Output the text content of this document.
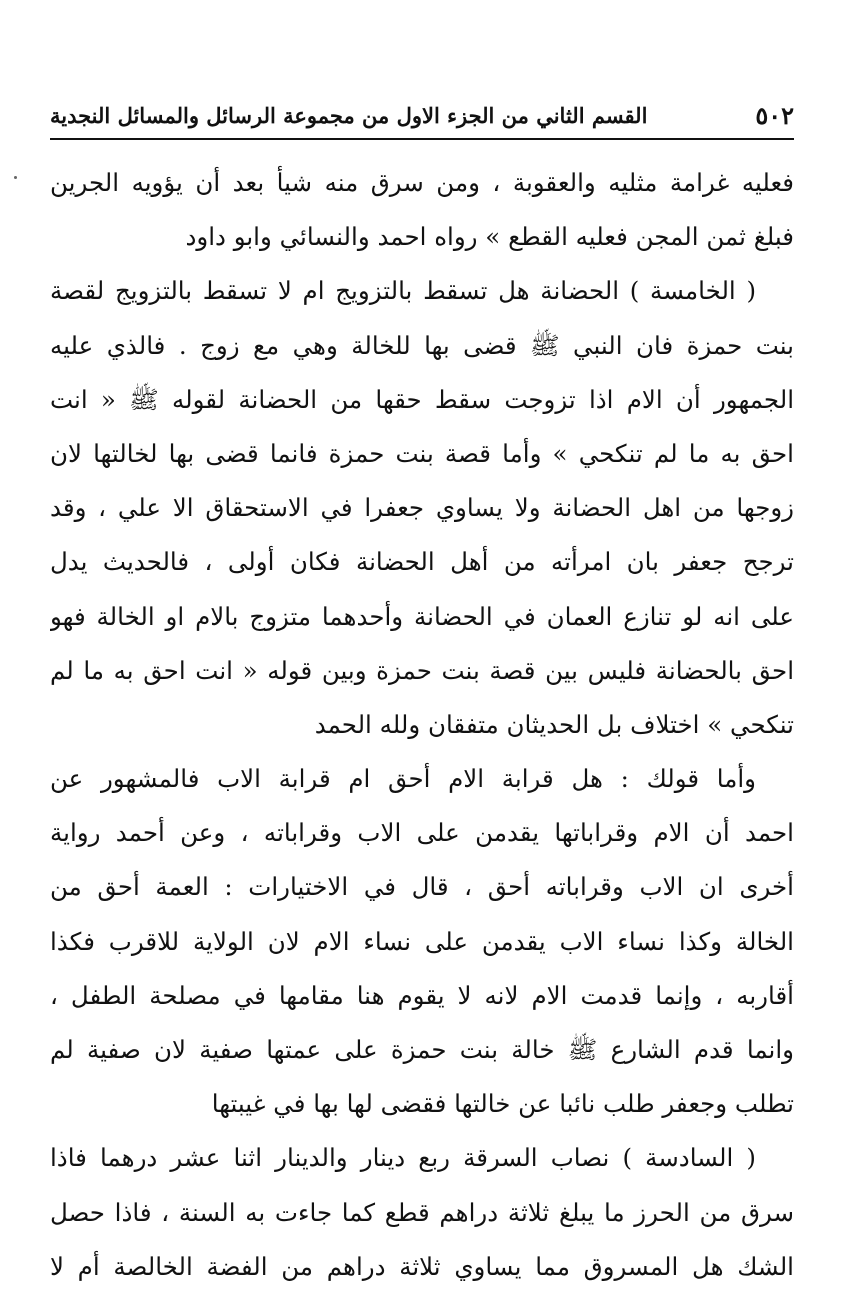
٥٠٢
القسم الثاني من الجزء الاول من مجموعة الرسائل والمسائل النجدية
فعليه غرامة مثليه والعقوبة ، ومن سرق منه شيأ بعد أن يؤويه الجرين
فبلغ ثمن المجن فعليه القطع » رواه احمد والنسائي وابو داود
( الخامسة ) الحضانة هل تسقط بالتزويج ام لا تسقط بالتزويج لقصة
بنت حمزة فان النبي ﷺ قضى بها للخالة وهي مع زوج . فالذي عليه
الجمهور أن الام اذا تزوجت سقط حقها من الحضانة لقوله ﷺ « انت
احق به ما لم تنكحي » وأما قصة بنت حمزة فانما قضى بها لخالتها لان
زوجها من اهل الحضانة ولا يساوي جعفرا في الاستحقاق الا علي ، وقد
ترجح جعفر بان امرأته من أهل الحضانة فكان أولى ، فالحديث يدل
على انه لو تنازع العمان في الحضانة وأحدهما متزوج بالام او الخالة فهو
احق بالحضانة فليس بين قصة بنت حمزة وبين قوله « انت احق به ما لم
تنكحي » اختلاف بل الحديثان متفقان ولله الحمد
وأما قولك : هل قرابة الام أحق ام قرابة الاب فالمشهور عن
احمد أن الام وقراباتها يقدمن على الاب وقراباته ، وعن أحمد رواية
أخرى ان الاب وقراباته أحق ، قال في الاختيارات : العمة أحق من
الخالة وكذا نساء الاب يقدمن على نساء الام لان الولاية للاقرب فكذا
أقاربه ، وإنما قدمت الام لانه لا يقوم هنا مقامها في مصلحة الطفل ،
وانما قدم الشارع ﷺ خالة بنت حمزة على عمتها صفية لان صفية لم
تطلب وجعفر طلب نائبا عن خالتها فقضى لها بها في غيبتها
( السادسة ) نصاب السرقة ربع دينار والدينار اثنا عشر درهما فاذا
سرق من الحرز ما يبلغ ثلاثة دراهم قطع كما جاءت به السنة ، فاذا حصل
الشك هل المسروق مما يساوي ثلاثة دراهم من الفضة الخالصة أم لا
